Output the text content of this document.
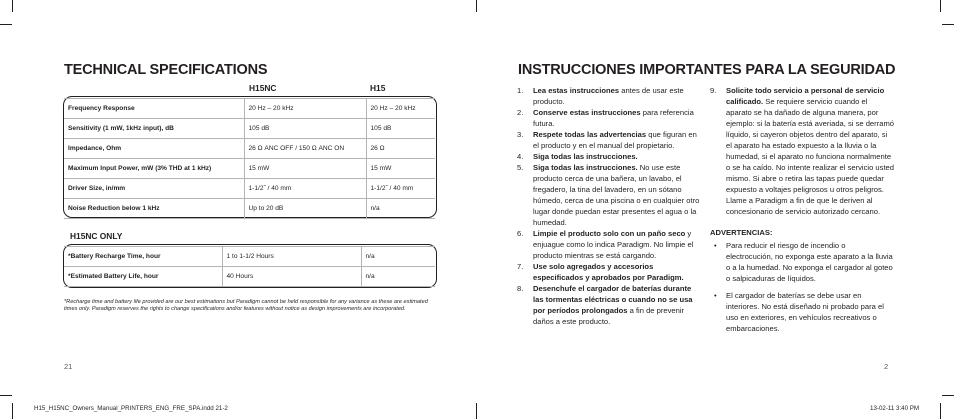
TECHNICAL SPECIFICATIONS
H15NC	H15
Frequency Response	20 Hz – 20 kHz	20 Hz – 20 kHz
Sensitivity (1 mW, 1kHz input), dB	105 dB	105 dB
Impedance, Ohm	26 Ω ANC OFF / 150 Ω ANC ON	26 Ω
Maximum Input Power, mW (3% THD at 1 kHz)	15 mW	15 mW
Driver Size, in/mm	1-1/2˝ / 40 mm	1-1/2˝ / 40 mm
Noise Reduction below 1 kHz	Up to 20 dB	n/a
H15NC ONLY
*Battery Recharge Time, hour	1 to 1-1/2 Hours	n/a
*Estimated Battery Life, hour	40 Hours	n/a
*Recharge time and battery life provided are our best estimations but Paradigm cannot be held responsible for any variance as these are estimated times only. Paradigm reserves the rights to change specifications and/or features without notice as design improvements are incorporated.
21
INSTRUCCIONES IMPORTANTES PARA LA SEGURIDAD
1. Lea estas instrucciones antes de usar este producto.
2. Conserve estas instrucciones para referencia futura.
3. Respete todas las advertencias que figuran en el producto y en el manual del propietario.
4. Siga todas las instrucciones.
5. Siga todas las instrucciones. No use este producto cerca de una bañera, un lavabo, el fregadero, la tina del lavadero, en un sótano húmedo, cerca de una piscina o en cualquier otro lugar donde puedan estar presentes el agua o la humedad.
6. Limpie el producto solo con un paño seco y enjuague como lo indica Paradigm. No limpie el producto mientras se está cargando.
7. Use solo agregados y accesorios especificados y aprobados por Paradigm.
8. Desenchufe el cargador de baterías durante las tormentas eléctricas o cuando no se usa por períodos prolongados a fin de prevenir daños a este producto.
9. Solicite todo servicio a personal de servicio calificado. Se requiere servicio cuando el aparato se ha dañado de alguna manera, por ejemplo: si la batería está averiada, si se derramó líquido, si cayeron objetos dentro del aparato, si el aparato ha estado expuesto a la lluvia o la humedad, si el aparato no funciona normalmente o se ha caído. No intente realizar el servicio usted mismo. Si abre o retira las tapas puede quedar expuesto a voltajes peligrosos u otros peligros. Llame a Paradigm a fin de que le deriven al concesionario de servicio autorizado cercano.
ADVERTENCIAS:
• Para reducir el riesgo de incendio o electrocución, no exponga este aparato a la lluvia o a la humedad. No exponga el cargador al goteo o salpicaduras de líquidos.
• El cargador de baterías se debe usar en interiores. No está diseñado ni probado para el uso en exteriores, en vehículos recreativos o embarcaciones.
2
H15_H15NC_Owners_Manual_PRINTERS_ENG_FRE_SPA.indd 21-2	13-02-11 3:40 PM
